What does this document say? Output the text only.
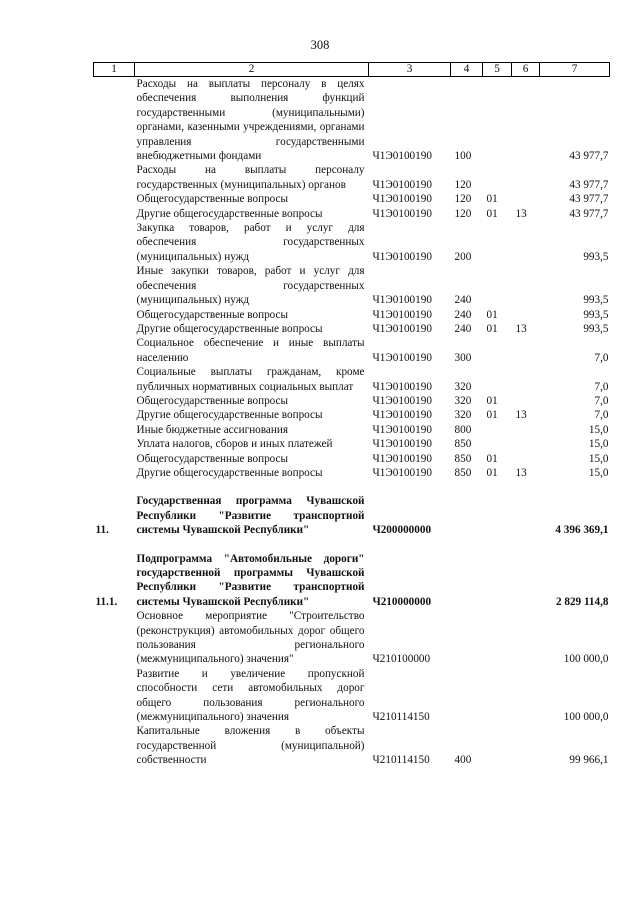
308
1	2	3	4	5	6	7
	Расходы на выплаты персоналу в целях обеспечения выполнения функций государственными (муниципальными) органами, казенными учреждениями, органами управления государственными внебюджетными фондами	Ч1Э0100190	100			43 977,7
	Расходы на выплаты персоналу государственных (муниципальных) органов	Ч1Э0100190	120			43 977,7
	Общегосударственные вопросы	Ч1Э0100190	120	01		43 977,7
	Другие общегосударственные вопросы	Ч1Э0100190	120	01	13	43 977,7
	Закупка товаров, работ и услуг для обеспечения государственных (муниципальных) нужд	Ч1Э0100190	200			993,5
	Иные закупки товаров, работ и услуг для обеспечения государственных (муниципальных) нужд	Ч1Э0100190	240			993,5
	Общегосударственные вопросы	Ч1Э0100190	240	01		993,5
	Другие общегосударственные вопросы	Ч1Э0100190	240	01	13	993,5
	Социальное обеспечение и иные выплаты населению	Ч1Э0100190	300			7,0
	Социальные выплаты гражданам, кроме публичных нормативных социальных выплат	Ч1Э0100190	320			7,0
	Общегосударственные вопросы	Ч1Э0100190	320	01		7,0
	Другие общегосударственные вопросы	Ч1Э0100190	320	01	13	7,0
	Иные бюджетные ассигнования	Ч1Э0100190	800			15,0
	Уплата налогов, сборов и иных платежей	Ч1Э0100190	850			15,0
	Общегосударственные вопросы	Ч1Э0100190	850	01		15,0
	Другие общегосударственные вопросы	Ч1Э0100190	850	01	13	15,0

11.	Государственная программа Чувашской Республики "Развитие транспортной системы Чувашской Республики"	Ч200000000				4 396 369,1

11.1.	Подпрограмма "Автомобильные дороги" государственной программы Чувашской Республики "Развитие транспортной системы Чувашской Республики"	Ч210000000				2 829 114,8
	Основное мероприятие "Строительство (реконструкция) автомобильных дорог общего пользования регионального (межмуниципального) значения"	Ч210100000				100 000,0
	Развитие и увеличение пропускной способности сети автомобильных дорог общего пользования регионального (межмуниципального) значения	Ч210114150				100 000,0
	Капитальные вложения в объекты государственной (муниципальной) собственности	Ч210114150	400			99 966,1
